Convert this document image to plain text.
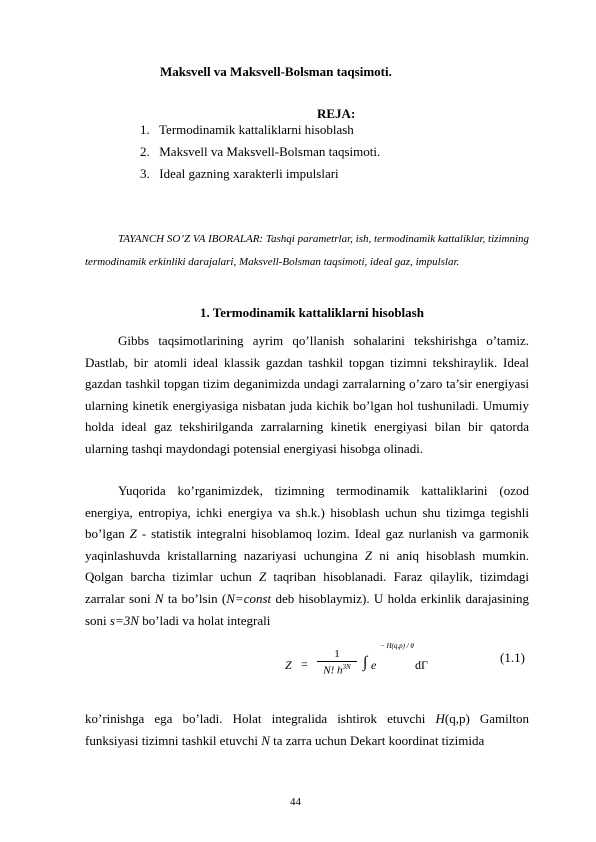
Maksvell va Maksvell-Bolsman taqsimoti.
REJA:
1. Termodinamik kattaliklarni hisoblash
2. Maksvell va Maksvell-Bolsman taqsimoti.
3. Ideal gazning xarakterli impulslari
TAYANCH SO’Z VA IBORALAR: Tashqi parametrlar, ish, termodinamik kattaliklar, tizimning termodinamik erkinliki darajalari, Maksvell-Bolsman taqsimoti, ideal gaz, impulslar.
1. Termodinamik kattaliklarni hisoblash

Gibbs taqsimotlarining ayrim qo’llanish sohalarini tekshirishga o’tamiz. Dastlab, bir atomli ideal klassik gazdan tashkil topgan tizimni tekshiraylik. Ideal gazdan tashkil topgan tizim deganimizda undagi zarralarning o’zaro ta’sir energiyasi ularning kinetik energiyasiga nisbatan juda kichik bo’lgan hol tushuniladi. Umumiy holda ideal gaz tekshirilganda zarralarning kinetik energiyasi bilan bir qatorda ularning tashqi maydondagi potensial energiyasi hisobga olinadi.

Yuqorida ko’rganimizdek, tizimning termodinamik kattaliklarini (ozod energiya, entropiya, ichki energiya va sh.k.) hisoblash uchun shu tizimga tegishli bo’lgan Z - statistik integralni hisoblamoq lozim. Ideal gaz nurlanish va garmonik yaqinlashuvda kristallarning nazariyasi uchungina Z ni aniq hisoblash mumkin. Qolgan barcha tizimlar uchun Z taqriban hisoblanadi. Faraz qilaylik, tizimdagi zarralar soni N ta bo’lsin (N=const deb hisoblaymiz). U holda erkinlik darajasining soni s=3N bo’ladi va holat integrali

Z =
1
N! $h^{3N}$ ∫ e
− H(q,p) / θ
dΓ	(1.1)

ko’rinishga ega bo’ladi. Holat integralida ishtirok etuvchi H(q,p) Gamilton funksiyasi tizimni tashkil etuvchi N ta zarra uchun Dekart koordinat tizimida

44
